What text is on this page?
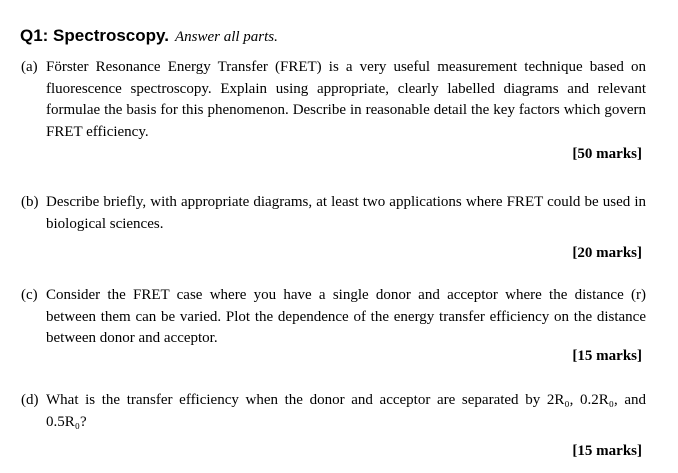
Q1: Spectroscopy. Answer all parts.
(a) Förster Resonance Energy Transfer (FRET) is a very useful measurement technique based on fluorescence spectroscopy. Explain using appropriate, clearly labelled diagrams and relevant formulae the basis for this phenomenon. Describe in reasonable detail the key factors which govern FRET efficiency.
[50 marks]
(b) Describe briefly, with appropriate diagrams, at least two applications where FRET could be used in biological sciences.
[20 marks]
(c) Consider the FRET case where you have a single donor and acceptor where the distance (r) between them can be varied. Plot the dependence of the energy transfer efficiency on the distance between donor and acceptor.
[15 marks]
(d) What is the transfer efficiency when the donor and acceptor are separated by 2R₀, 0.2R₀, and 0.5R₀?
[15 marks]
